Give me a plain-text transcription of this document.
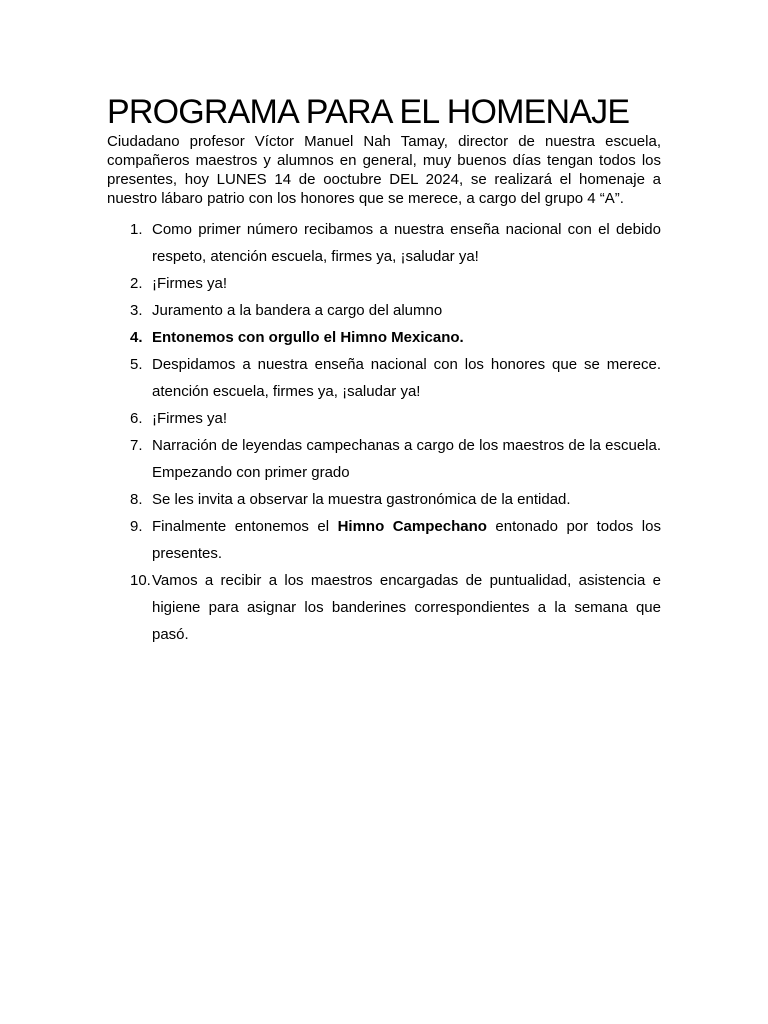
PROGRAMA PARA EL HOMENAJE

Ciudadano profesor Víctor Manuel Nah Tamay, director de nuestra escuela, compañeros maestros y alumnos en general, muy buenos días tengan todos los presentes, hoy LUNES 14 de ooctubre DEL 2024, se realizará el homenaje a nuestro lábaro patrio con los honores que se merece, a cargo del grupo 4 “A”.

1. Como primer número recibamos a nuestra enseña nacional con el debido respeto, atención escuela, firmes ya, ¡saludar ya!
2. ¡Firmes ya!
3. Juramento a la bandera a cargo del alumno
4. Entonemos con orgullo el Himno Mexicano.
5. Despidamos a nuestra enseña nacional con los honores que se merece. atención escuela, firmes ya, ¡saludar ya!
6. ¡Firmes ya!
7. Narración de leyendas campechanas a cargo de los maestros de la escuela. Empezando con primer grado
8. Se les invita a observar la muestra gastronómica de la entidad.
9. Finalmente entonemos el Himno Campechano entonado por todos los presentes.
10. Vamos a recibir a los maestros encargadas de puntualidad, asistencia e higiene para asignar los banderines correspondientes a la semana que pasó.
